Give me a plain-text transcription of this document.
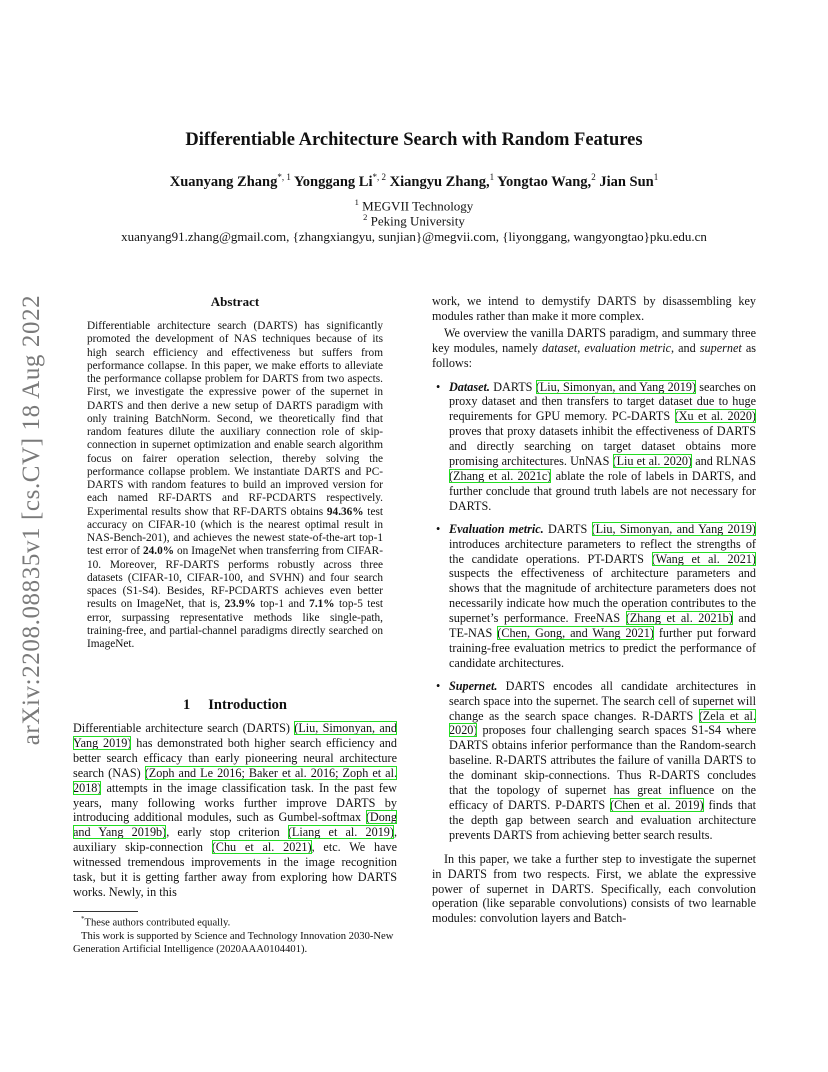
Differentiable Architecture Search with Random Features
Xuanyang Zhang$^{*, 1}$ Yonggang $Li^{*, 2}$ Xiangyu Zhang,$^1$ Yongtao Wang,$^2$ Jian Sun$^1$
$^1$ MEGVII Technology
$^2$ Peking University
xuanyang91.zhang@gmail.com, {zhangxiangyu, sunjian}@megvii.com, {liyonggang, wangyongtao}pku.edu.cn
arXiv:2208.08835v1 [cs.CV] 18 Aug 2022	Abstract
Differentiable architecture search (DARTS) has significantly promoted the development of NAS techniques because of its high search efficiency and effectiveness but suffers from performance collapse. In this paper, we make efforts to alleviate the performance collapse problem for DARTS from two aspects. First, we investigate the expressive power of the supernet in DARTS and then derive a new setup of DARTS paradigm with only training BatchNorm. Second, we theoretically find that random features dilute the auxiliary connection role of skip-connection in supernet optimization and enable search algorithm focus on fairer operation selection, thereby solving the performance collapse problem. We instantiate DARTS and PC-DARTS with random features to build an improved version for each named RF-DARTS and RF-PCDARTS respectively. Experimental results show that RF-DARTS obtains 94.36% test accuracy on CIFAR-10 (which is the nearest optimal result in NAS-Bench-201), and achieves the newest state-of-the-art top-1 test error of 24.0% on ImageNet when transferring from CIFAR-10. Moreover, RF-DARTS performs robustly across three datasets (CIFAR-10, CIFAR-100, and SVHN) and four search spaces (S1-S4). Besides, RF-PCDARTS achieves even better results on ImageNet, that is, 23.9% top-1 and 7.1% top-5 test error, surpassing representative methods like single-path, training-free, and partial-channel paradigms directly searched on ImageNet.
1 Introduction
Differentiable architecture search (DARTS) (Liu, Simonyan, and Yang 2019) has demonstrated both higher search efficiency and better search efficacy than early pioneering neural architecture search (NAS) (Zoph and Le 2016; Baker et al. 2016; Zoph et al. 2018) attempts in the image classification task. In the past few years, many following works further improve DARTS by introducing additional modules, such as Gumbel-softmax (Dong and Yang 2019b), early stop criterion (Liang et al. 2019), auxiliary skip-connection (Chu et al. 2021), etc. We have witnessed tremendous improvements in the image recognition task, but it is getting farther away from exploring how DARTS works. Newly, in this

*These authors contributed equally.

This work is supported by Science and Technology Innovation 2030-New Generation Artificial Intelligence (2020AAA0104401).

work, we intend to demystify DARTS by disassembling key modules rather than make it more complex.

We overview the vanilla DARTS paradigm, and summary three key modules, namely dataset, evaluation metric, and supernet as follows:

• Dataset. DARTS (Liu, Simonyan, and Yang 2019) searches on proxy dataset and then transfers to target dataset due to huge requirements for GPU memory. PC-DARTS (Xu et al. 2020) proves that proxy datasets inhibit the effectiveness of DARTS and directly searching on target dataset obtains more promising architectures. UnNAS (Liu et al. 2020) and RLNAS (Zhang et al. 2021c) ablate the role of labels in DARTS, and further conclude that ground truth labels are not necessary for DARTS.
• Evaluation metric. DARTS (Liu, Simonyan, and Yang 2019) introduces architecture parameters to reflect the strengths of the candidate operations. PT-DARTS (Wang et al. 2021) suspects the effectiveness of architecture parameters and shows that the magnitude of architecture parameters does not necessarily indicate how much the operation contributes to the supernet’s performance. FreeNAS (Zhang et al. 2021b) and TE-NAS (Chen, Gong, and Wang 2021) further put forward training-free evaluation metrics to predict the performance of candidate architectures.
• Supernet. DARTS encodes all candidate architectures in search space into the supernet. The search cell of supernet will change as the search space changes. R-DARTS (Zela et al. 2020) proposes four challenging search spaces S1-S4 where DARTS obtains inferior performance than the Random-search baseline. R-DARTS attributes the failure of vanilla DARTS to the dominant skip-connections. Thus R-DARTS concludes that the topology of supernet has great influence on the efficacy of DARTS. P-DARTS (Chen et al. 2019) finds that the depth gap between search and evaluation architecture prevents DARTS from achieving better search results.

In this paper, we take a further step to investigate the supernet in DARTS from two respects. First, we ablate the expressive power of supernet in DARTS. Specifically, each convolution operation (like separable convolutions) consists of two learnable modules: convolution layers and Batch-
